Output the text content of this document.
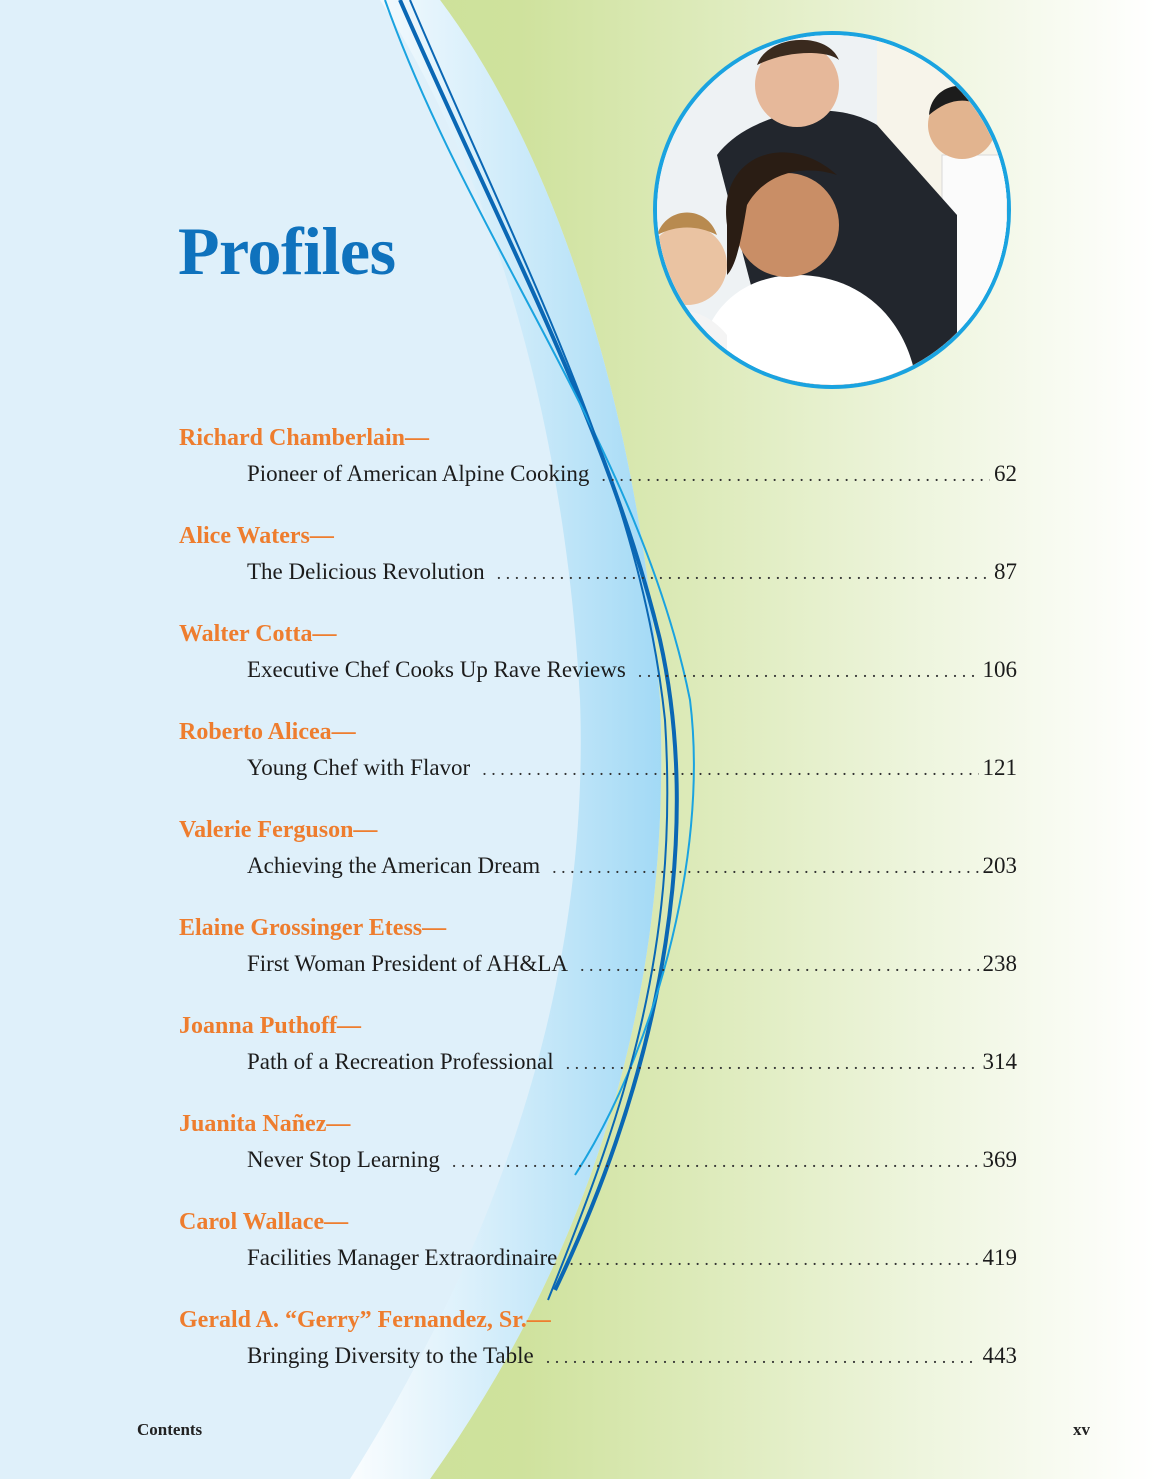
Profiles
Richard Chamberlain—
Pioneer of American Alpine Cooking . . .	62
Alice Waters—
The Delicious Revolution . . .	87
Walter Cotta—
Executive Chef Cooks Up Rave Reviews . . .	106
Roberto Alicea—
Young Chef with Flavor . . .	121
Valerie Ferguson—
Achieving the American Dream . . .	203
Elaine Grossinger Etess—
First Woman President of AH&LA . . .	238
Joanna Puthoff—
Path of a Recreation Professional . . .	314
Juanita Nañez—
Never Stop Learning . . .	369
Carol Wallace—
Facilities Manager Extraordinaire . . .	419
Gerald A. “Gerry” Fernandez, Sr.—
Bringing Diversity to the Table . . .	443
Contents	xv
